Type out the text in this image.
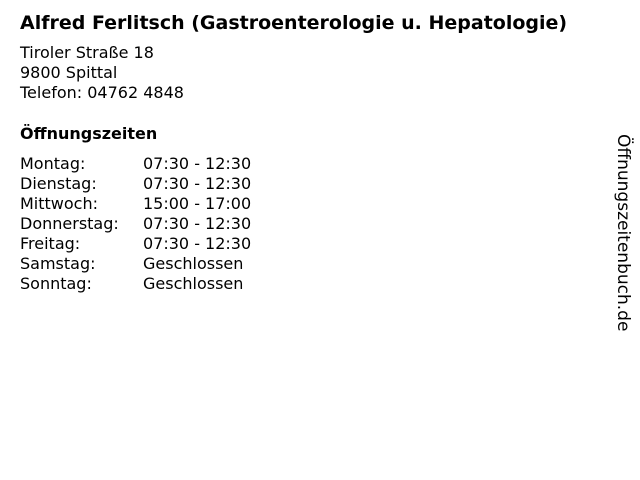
Alfred Ferlitsch (Gastroenterologie u. Hepatologie)
Tiroler Straße 18
9800 Spittal
Telefon: 04762 4848
Öffnungszeiten
Montag:	07:30 - 12:30
Dienstag:	07:30 - 12:30
Mittwoch:	15:00 - 17:00
Donnerstag: 07:30 - 12:30
Freitag:	07:30 - 12:30
Samstag:	Geschlossen
Sonntag:	Geschlossen	Öffnungszeitenbuch.de
